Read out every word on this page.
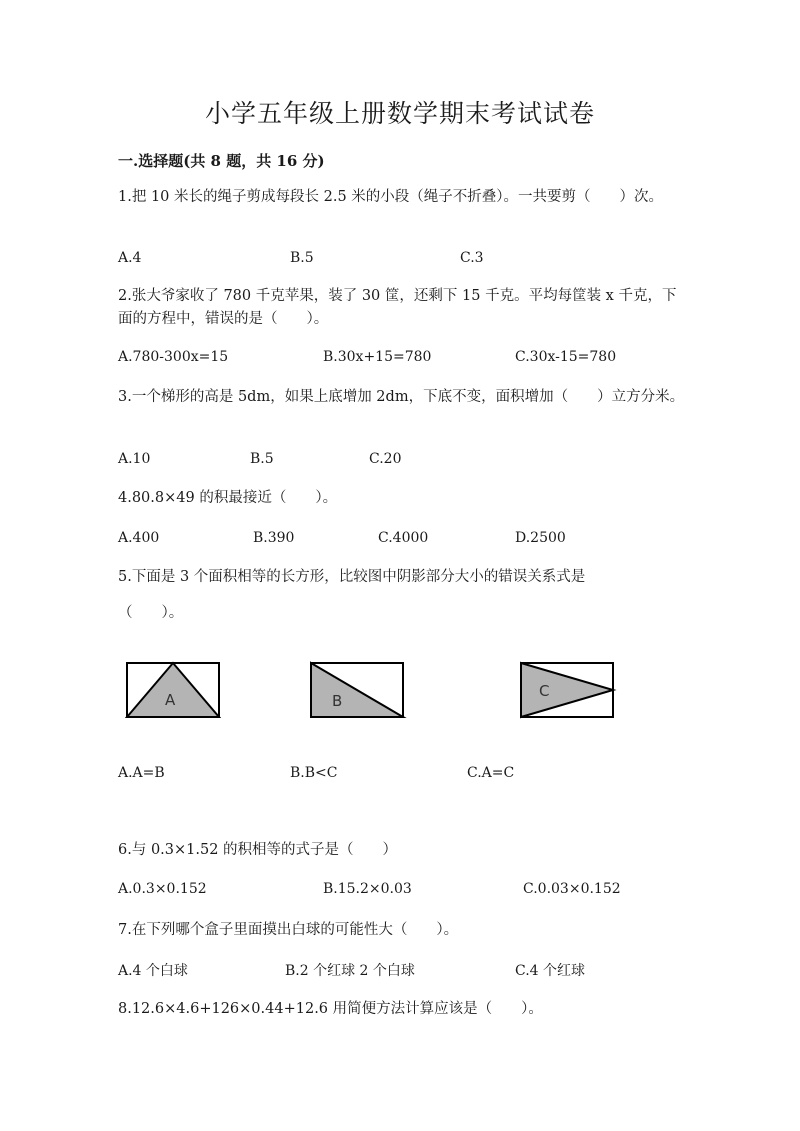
小学五年级上册数学期末考试试卷
一.选择题(共 8 题，共 16 分)
1.把 10 米长的绳子剪成每段长 2.5 米的小段（绳子不折叠）。一共要剪（　　）次。
A.4	B.5	C.3
2.张大爷家收了 780 千克苹果，装了 30 筐，还剩下 15 千克。平均每筐装 x 千克，下面的方程中，错误的是（　　）。
A.780-300x=15	B.30x+15=780	C.30x-15=780
3.一个梯形的高是 5dm，如果上底增加 2dm，下底不变，面积增加（　　）立方分米。
A.10	B.5	C.20
4.80.8×49 的积最接近（　　）。
A.400	B.390	C.4000	D.2500
5.下面是 3 个面积相等的长方形，比较图中阴影部分大小的错误关系式是
（　　）。
A	B
C
A.A=B	B.B<C	C.A=C
6.与 0.3×1.52 的积相等的式子是（　　）
A.0.3×0.152	B.15.2×0.03	C.0.03×0.152
7.在下列哪个盒子里面摸出白球的可能性大（　　）。
A.4 个白球	B.2 个红球 2 个白球	C.4 个红球
8.12.6×4.6+126×0.44+12.6 用简便方法计算应该是（　　）。
